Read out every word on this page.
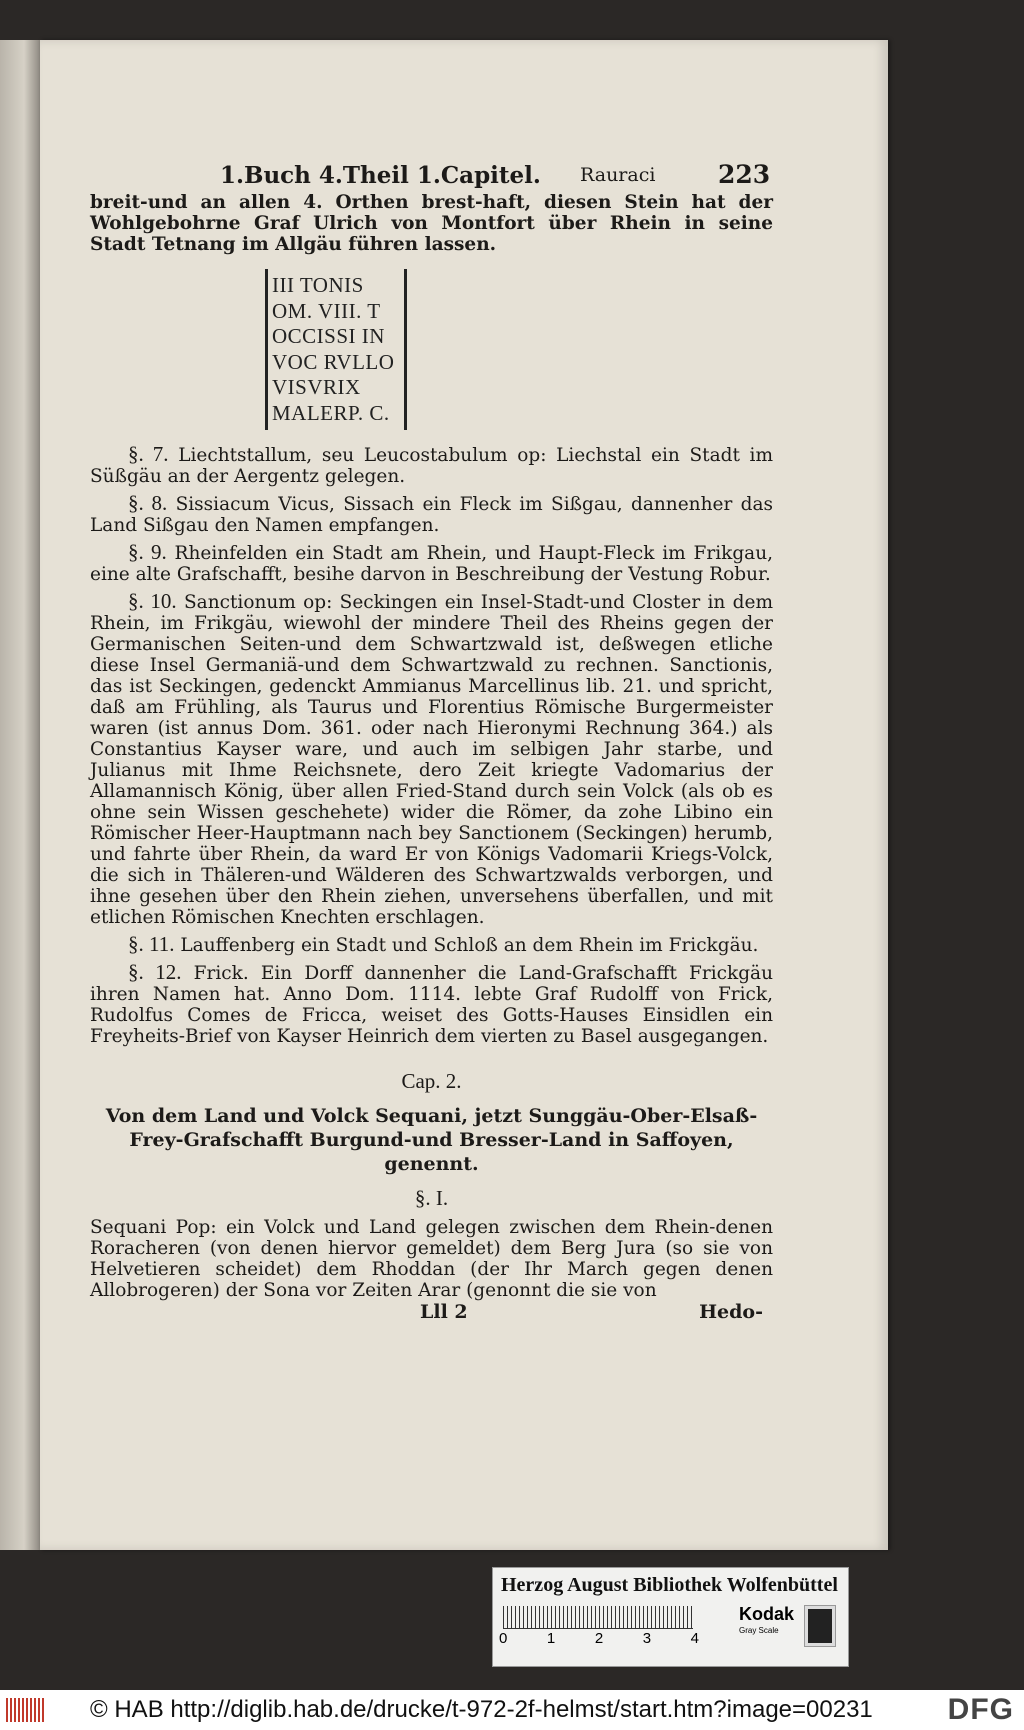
1.Buch 4.Theil 1.Capitel. Rauraci	223

breit-und an allen 4. Orthen brest-haft, diesen Stein hat der Wohlgebohrne Graf Ulrich von Montfort über Rhein in seine Stadt Tetnang im Allgäu führen lassen.

III TONIS
OM. VIII. T
OCCISSI IN
VOC RVLLO
VISVRIX
MALERP. C.

§. 7. Liechtstallum, seu Leucostabulum op: Liechstal ein Stadt im Süßgäu an der Aergentz gelegen.

§. 8. Sissiacum Vicus, Sissach ein Fleck im Sißgau, dannenher das Land Sißgau den Namen empfangen.

§. 9. Rheinfelden ein Stadt am Rhein, und Haupt-Fleck im Frikgau, eine alte Grafschafft, besihe darvon in Beschreibung der Vestung Robur.

§. 10. Sanctionum op: Seckingen ein Insel-Stadt-und Closter in dem Rhein, im Frikgäu, wiewohl der mindere Theil des Rheins gegen der Germanischen Seiten-und dem Schwartzwald ist, deßwegen etliche diese Insel Germaniä-und dem Schwartzwald zu rechnen. Sanctionis, das ist Seckingen, gedenckt Ammianus Marcellinus lib. 21. und spricht, daß am Frühling, als Taurus und Florentius Römische Burgermeister waren (ist annus Dom. 361. oder nach Hieronymi Rechnung 364.) als Constantius Kayser ware, und auch im selbigen Jahr starbe, und Julianus mit Ihme Reichsnete, dero Zeit kriegte Vadomarius der Allamannisch König, über allen Fried-Stand durch sein Volck (als ob es ohne sein Wissen geschehete) wider die Römer, da zohe Libino ein Römischer Heer-Hauptmann nach bey Sanctionem (Seckingen) herumb, und fahrte über Rhein, da ward Er von Königs Vadomarii Kriegs-Volck, die sich in Thäleren-und Wälderen des Schwartzwalds verborgen, und ihne gesehen über den Rhein ziehen, unversehens überfallen, und mit etlichen Römischen Knechten erschlagen.

§. 11. Lauffenberg ein Stadt und Schloß an dem Rhein im Frickgäu.

§. 12. Frick. Ein Dorff dannenher die Land-Grafschafft Frickgäu ihren Namen hat. Anno Dom. 1114. lebte Graf Rudolff von Frick, Rudolfus Comes de Fricca, weiset des Gotts-Hauses Einsidlen ein Freyheits-Brief von Kayser Heinrich dem vierten zu Basel ausgegangen.

Cap. 2.
Von dem Land und Volck Sequani, jetzt Sunggäu-Ober-Elsaß-Frey-Grafschafft Burgund-und Bresser-Land in Saffoyen, genennt.
§. I.

Sequani Pop: ein Volck und Land gelegen zwischen dem Rhein-denen Roracheren (von denen hiervor gemeldet) dem Berg Jura (so sie von Helvetieren scheidet) dem Rhoddan (der Ihr March gegen denen Allobrogeren) der Sona vor Zeiten Arar (genonnt die sie von

Lll 2	Hedo-
Herzog August Bibliothek Wolfenbüttel
0	1	2	3	4
Kodak
Gray Scale
© HAB http://diglib.hab.de/drucke/t-972-2f-helmst/start.htm?image=00231 DFG
